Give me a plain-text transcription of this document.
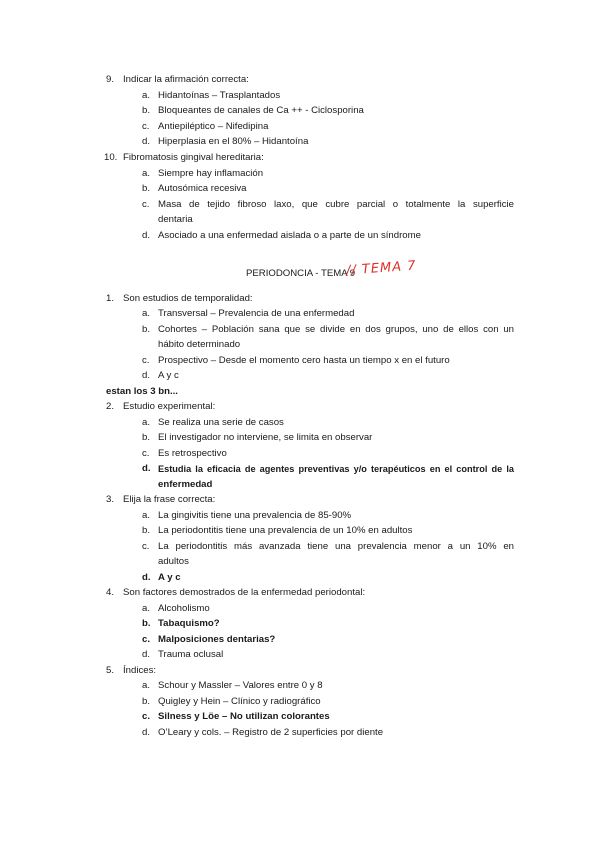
9. Indicar la afirmación correcta:
a. Hidantoínas – Trasplantados
b. Bloqueantes de canales de Ca ++ - Ciclosporina
c. Antiepiléptico – Nifedipina
d. Hiperplasia en el 80% – Hidantoína
10. Fibromatosis gingival hereditaria:
a. Siempre hay inflamación
b. Autosómica recesiva
c. Masa de tejido fibroso laxo, que cubre parcial o totalmente la superficie
dentaria
d. Asociado a una enfermedad aislada o a parte de un síndrome
PERIODONCIA - TEMA 9
// TEMA 7
1. Son estudios de temporalidad:
a. Transversal – Prevalencia de una enfermedad
b. Cohortes – Población sana que se divide en dos grupos, uno de ellos con un
hábito determinado
c. Prospectivo – Desde el momento cero hasta un tiempo x en el futuro
d. A y c
estan los 3 bn...
2. Estudio experimental:
a. Se realiza una serie de casos
b. El investigador no interviene, se limita en observar
c. Es retrospectivo
d. Estudia la eficacia de agentes preventivas y/o terapéuticos en el control de la
enfermedad
3. Elija la frase correcta:
a. La gingivitis tiene una prevalencia de 85-90%
b. La periodontitis tiene una prevalencia de un 10% en adultos
c. La periodontitis más avanzada tiene una prevalencia menor a un 10% en
adultos
d. A y c
4. Son factores demostrados de la enfermedad periodontal:
a. Alcoholismo
b. Tabaquismo?
c. Malposiciones dentarias?
d. Trauma oclusal
5. Índices:
a. Schour y Massler – Valores entre 0 y 8
b. Quigley y Hein – Clínico y radiográfico
c. Silness y Löe – No utilizan colorantes
d. O’Leary y cols. – Registro de 2 superficies por diente
